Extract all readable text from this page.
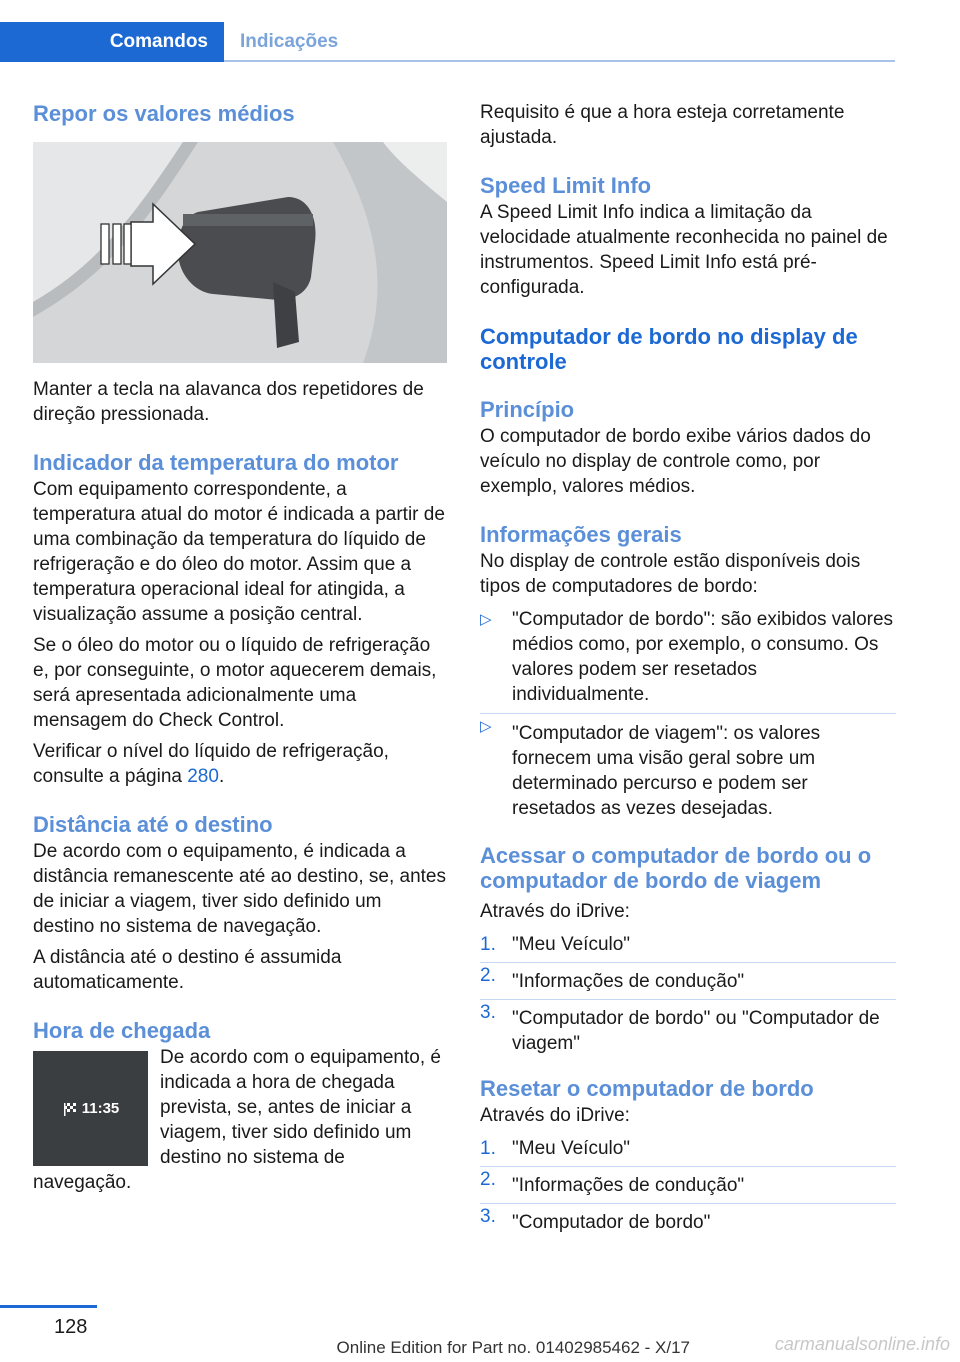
Comandos Indicações
Repor os valores médios

Manter a tecla na alavanca dos repetidores de direção pressionada.

Indicador da temperatura do motor

Com equipamento correspondente, a temperatura atual do motor é indicada a partir de uma combinação da temperatura do líquido de refrigeração e do óleo do motor. Assim que a temperatura operacional ideal for atingida, a visualização assume a posição central.

Se o óleo do motor ou o líquido de refrigeração e, por conseguinte, o motor aquecerem demais, será apresentada adicionalmente uma mensagem do Check Control.

Verificar o nível do líquido de refrigeração, consulte a página 280.

Distância até o destino

De acordo com o equipamento, é indicada a distância remanescente até ao destino, se, antes de iniciar a viagem, tiver sido definido um destino no sistema de navegação.

A distância até o destino é assumida automaticamente.

Hora de chegada
11:35

De acordo com o equipamento, é indicada a hora de chegada prevista, se, antes de iniciar a viagem, tiver sido definido um destino no sistema de navegação.

Requisito é que a hora esteja corretamente ajustada.

Speed Limit Info

A Speed Limit Info indica a limitação da velocidade atualmente reconhecida no painel de instrumentos. Speed Limit Info está pré-configurada.

Computador de bordo no display de controle
Princípio

O computador de bordo exibe vários dados do veículo no display de controle como, por exemplo, valores médios.

Informações gerais

No display de controle estão disponíveis dois tipos de computadores de bordo:

▷ "Computador de bordo": são exibidos valores médios como, por exemplo, o consumo. Os valores podem ser resetados individualmente.
▷ "Computador de viagem": os valores fornecem uma visão geral sobre um determinado percurso e podem ser resetados as vezes desejadas.
Acessar o computador de bordo ou o computador de bordo de viagem

Através do iDrive:

1. "Meu Veículo"
2. "Informações de condução"
3. "Computador de bordo" ou "Computador de viagem"
Resetar o computador de bordo

Através do iDrive:

1. "Meu Veículo"
2. "Informações de condução"
3. "Computador de bordo"
128
Online Edition for Part no. 01402985462 - X/17	carmanualsonline.info
